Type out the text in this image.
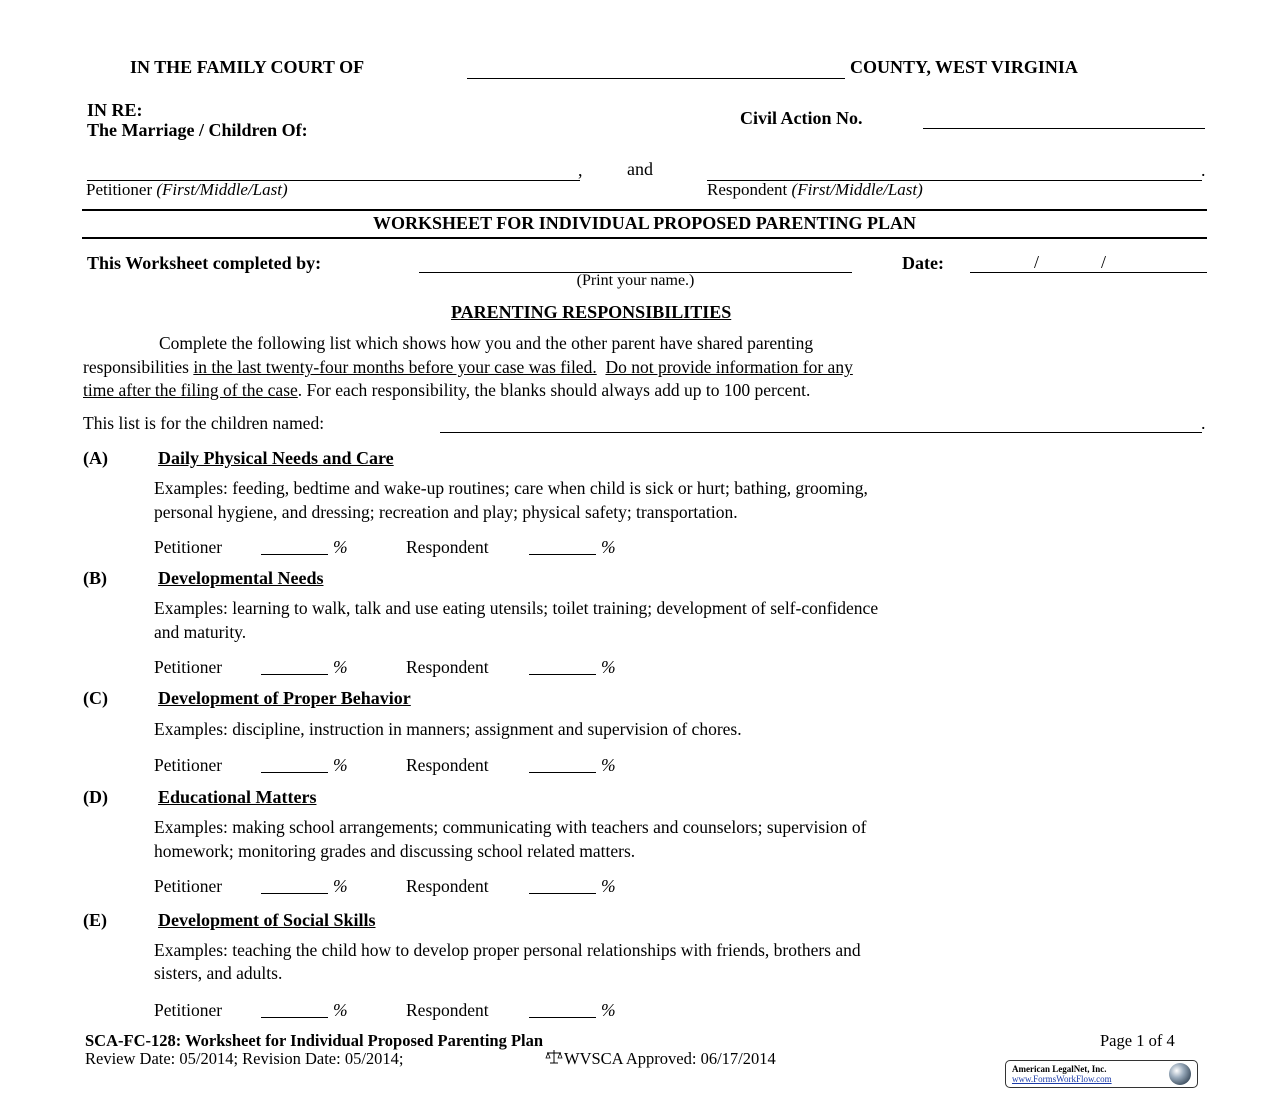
IN THE FAMILY COURT OF	COUNTY, WEST VIRGINIA
IN RE:
The Marriage / Children Of:
Civil Action No.
, and	.
Petitioner (First/Middle/Last)	Respondent (First/Middle/Last)
WORKSHEET FOR INDIVIDUAL PROPOSED PARENTING PLAN
This Worksheet completed by:
(Print your name.)
Date:	/	/
PARENTING RESPONSIBILITIES
Complete the following list which shows how you and the other parent have shared parenting
responsibilities in the last twenty-four months before your case was filed. Do not provide information for any
time after the filing of the case. For each responsibility, the blanks should always add up to 100 percent.
This list is for the children named:	.
(A)	Daily Physical Needs and Care
Examples: feeding, bedtime and wake-up routines; care when child is sick or hurt; bathing, grooming,
personal hygiene, and dressing; recreation and play; physical safety; transportation.
Petitioner	%	Respondent	%
(B)	Developmental Needs
Examples: learning to walk, talk and use eating utensils; toilet training; development of self-confidence
and maturity.
Petitioner	%	Respondent	%
(C)	Development of Proper Behavior
Examples: discipline, instruction in manners; assignment and supervision of chores.
Petitioner	%	Respondent	%
(D)	Educational Matters
Examples: making school arrangements; communicating with teachers and counselors; supervision of
homework; monitoring grades and discussing school related matters.
Petitioner	%	Respondent	%
(E)	Development of Social Skills
Examples: teaching the child how to develop proper personal relationships with friends, brothers and
sisters, and adults.
Petitioner	%	Respondent	%
SCA-FC-128: Worksheet for Individual Proposed Parenting Plan	Page 1 of 4
Review Date: 05/2014; Revision Date: 05/2014;	WVSCA Approved: 06/17/2014
American LegalNet, Inc.
www.FormsWorkFlow.com
